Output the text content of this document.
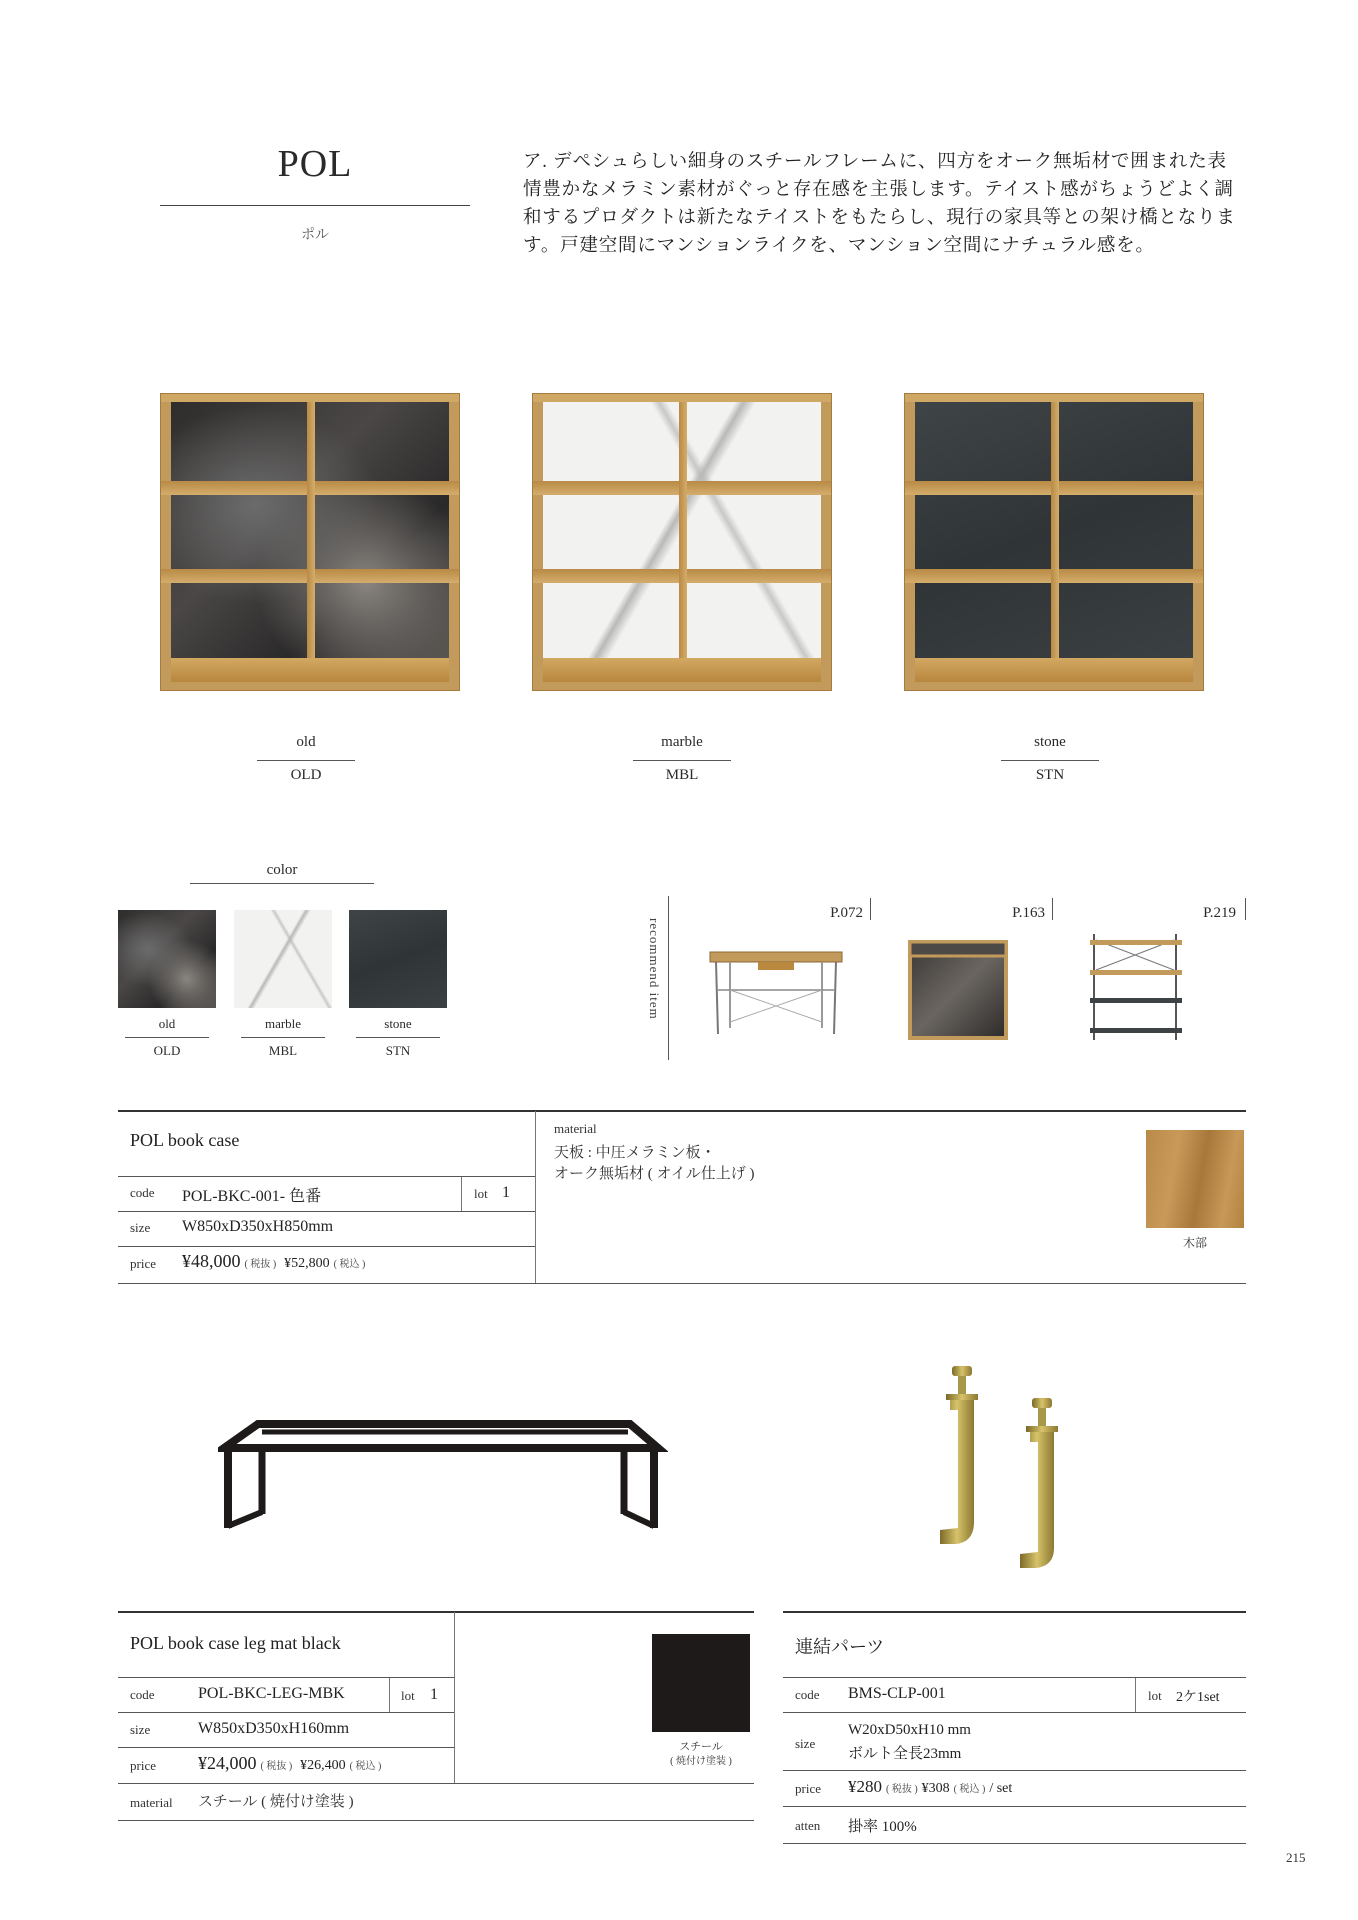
POL
ポル
ア. デペシュらしい細身のスチールフレームに、四方をオーク無垢材で囲まれた表情豊かなメラミン素材がぐっと存在感を主張します。テイスト感がちょうどよく調和するプロダクトは新たなテイストをもたらし、現行の家具等との架け橋となります。戸建空間にマンションライクを、マンション空間にナチュラル感を。
old
OLD
marble
MBL
stone
STN
color
old
OLD
marble
MBL
stone
STN
recommend item
P.072	P.163	P.219
POL book case
code POL-BKC-001- 色番	lot 1
size W850xD350xH850mm
price ¥48,000 ( 税抜 ) ¥52,800 ( 税込 )
material
天板 : 中圧メラミン板・
オーク無垢材 ( オイル仕上げ )
木部
POL book case leg mat black
code	POL-BKC-LEG-MBK	lot 1
size	W850xD350xH160mm
price ¥24,000 ( 税抜 ) ¥26,400 ( 税込 )
material スチール ( 焼付け塗装 )
スチール
( 焼付け塗装 )
連結パーツ
code BMS-CLP-001	lot 2ケ1set
size
W20xD50xH10 mm
ボルト全長23mm
price ¥280 ( 税抜 ) ¥308 ( 税込 ) / set
atten 掛率 100%
215
